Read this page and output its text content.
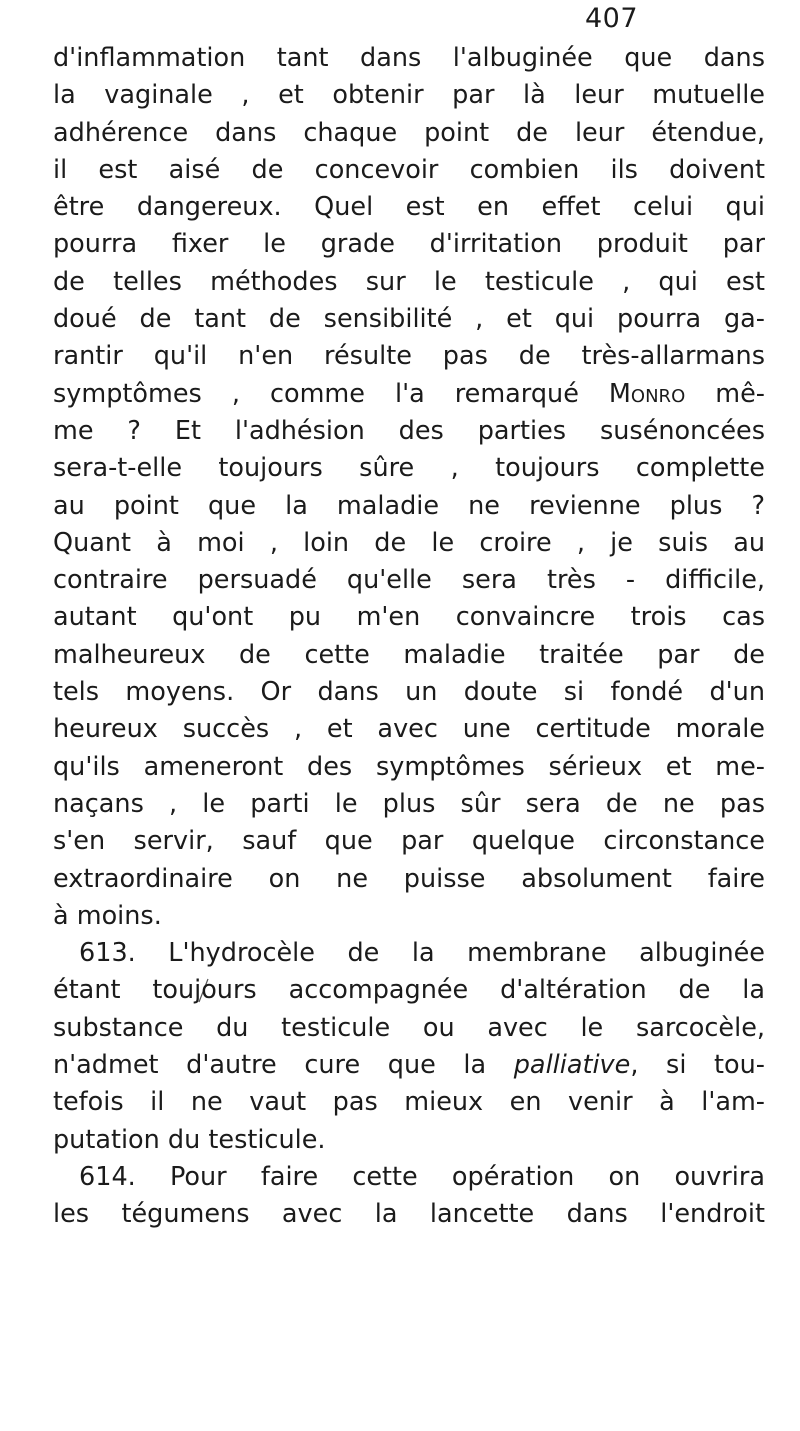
407
d'inflammation tant dans l'albuginée que dans
la vaginale , et obtenir par là leur mutuelle
adhérence dans chaque point de leur étendue,
il est aisé de concevoir combien ils doivent
être dangereux. Quel est en effet celui qui
pourra fixer le grade d'irritation produit par
de telles méthodes sur le testicule , qui est
doué de tant de sensibilité , et qui pourra ga-
rantir qu'il n'en résulte pas de très-allarmans
symptômes , comme l'a remarqué Monro mê-
me ? Et l'adhésion des parties susénoncées
sera-t-elle toujours sûre , toujours complette
au point que la maladie ne revienne plus ?
Quant à moi , loin de le croire , je suis au
contraire persuadé qu'elle sera très - difficile,
autant qu'ont pu m'en convaincre trois cas
malheureux de cette maladie traitée par de
tels moyens. Or dans un doute si fondé d'un
heureux succès , et avec une certitude morale
qu'ils ameneront des symptômes sérieux et me-
naçans , le parti le plus sûr sera de ne pas
s'en servir, sauf que par quelque circonstance
extraordinaire on ne puisse absolument faire
à moins.
613. L'hydrocèle de la membrane albuginée
étant toujours accompagnée d'altération de la
substance du testicule ou avec le sarcocèle,
n'admet d'autre cure que la palliative, si tou-
tefois il ne vaut pas mieux en venir à l'am-
putation du testicule.
614. Pour faire cette opération on ouvrira
les tégumens avec la lancette dans l'endroit
